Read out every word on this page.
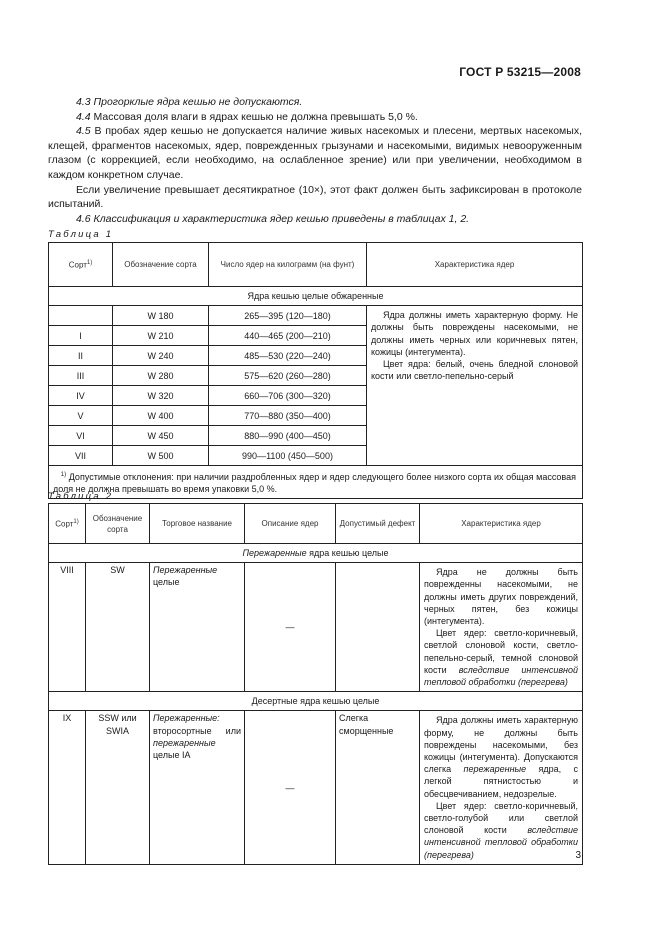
ГОСТ Р 53215—2008

4.3 Прогорклые ядра кешью не допускаются.

4.4 Массовая доля влаги в ядрах кешью не должна превышать 5,0 %.

4.5 В пробах ядер кешью не допускается наличие живых насекомых и плесени, мертвых насекомых, клещей, фрагментов насекомых, ядер, поврежденных грызунами и насекомыми, видимых невооруженным глазом (с коррекцией, если необходимо, на ослабленное зрение) или при увеличении, необходимом в каждом конкретном случае.

Если увеличение превышает десятикратное (10×), этот факт должен быть зафиксирован в протоколе испытаний.

4.6 Классификация и характеристика ядер кешью приведены в таблицах 1, 2.

Таблица 1
Сорт$^{1)}$	Обозначение сорта	Число ядер на килограмм (на фунт)	Характеристика ядер
Ядра кешью целые обжаренные			
	W 180	265—395 (120—180)	Ядра должны иметь характерную форму. Не должны быть повреждены насекомыми, не должны иметь черных или коричневых пятен, кожицы (интегумента).

Цвет ядра: белый, очень бледной слоновой кости или светло-пепельно-серый

I	W 210	440—465 (200—210)	
II	W 240	485—530 (220—240)	
III	W 280	575—620 (260—280)	
IV	W 320	660—706 (300—320)	
V	W 400	770—880 (350—400)	
VI	W 450	880—990 (400—450)	
VII	W 500	990—1100 (450—500)	
$^{1)}$ Допустимые отклонения: при наличии раздробленных ядер и ядер следующего более низкого сорта их общая массовая доля не должна превышать во время упаковки 5,0 %.			
Таблица 2
Сорт$^{1)}$	Обозначение сорта	Торговое название	Описание ядер	Допустимый дефект	Характеристика ядер
Пережаренные ядра кешью целые					
VIII	SW	Пережаренные целые	—		Ядра не должны быть поврежденны насекомыми, не должны иметь других повреждений, черных пятен, без кожицы (интегумента).

Цвет ядер: светло-коричневый, светлой слоновой кости, светло-пепельно-серый, темной слоновой кости вследствие интенсивной тепловой обработки (перегрева)

Десертные ядра кешью целые					
IX	SSW или SWIA	Пережаренные: второсортные или пережаренные целые IA	—	Слегка сморщенные	Ядра должны иметь характерную форму, не должны быть повреждены насекомыми, без кожицы (интегумента). Допускаются слегка пережаренные ядра, с легкой пятнистостью и обесцвечиванием, недозрелые.

Цвет ядер: светло-коричневый, светло-голубой или светлой слоновой кости вследствие интенсивной тепловой обработки (перегрева)	3
